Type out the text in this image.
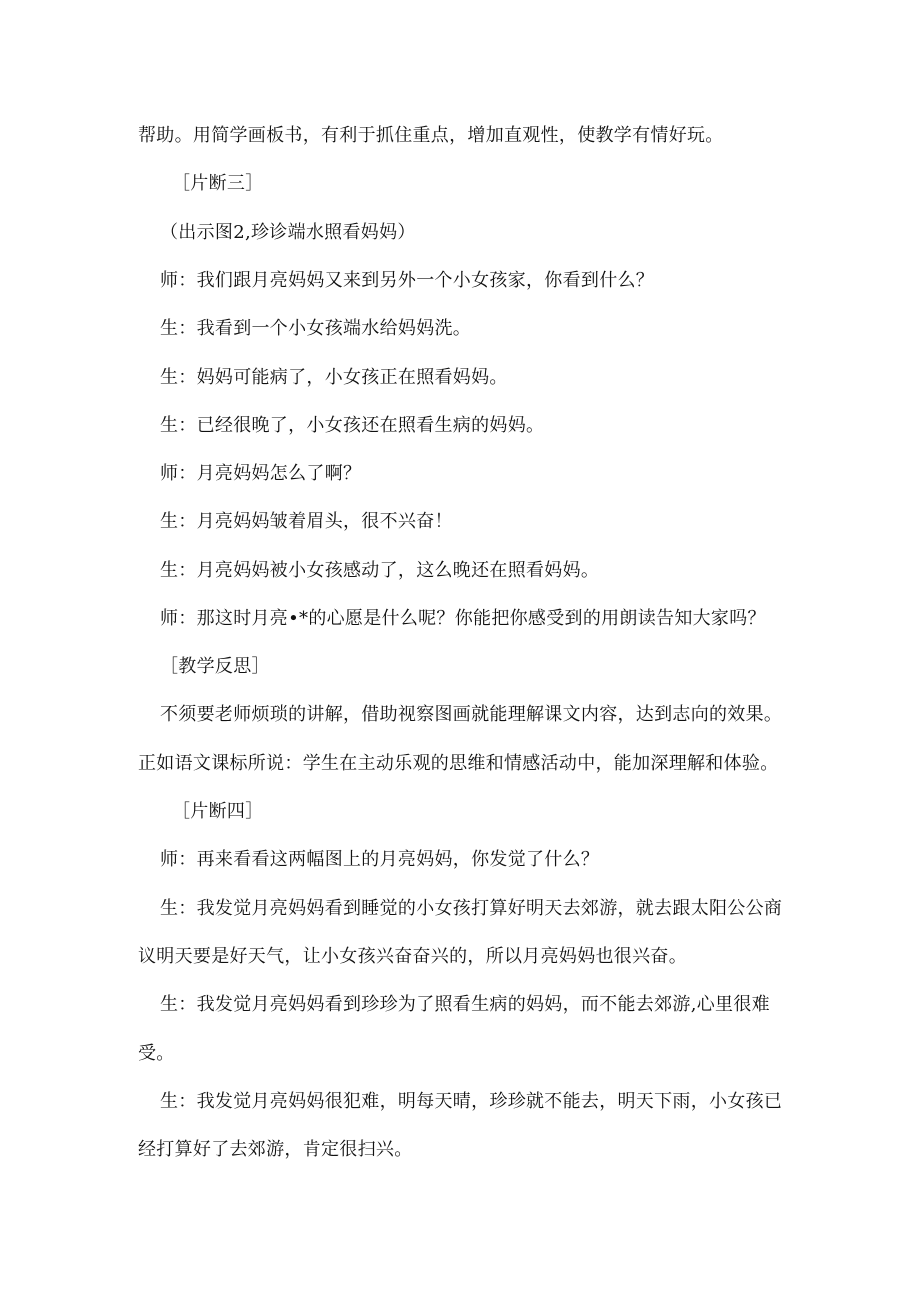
帮助。用简学画板书，有利于抓住重点，增加直观性，使教学有情好玩。
［片断三］
（出示图2,珍诊端水照看妈妈）
师：我们跟月亮妈妈又来到另外一个小女孩家，你看到什么？
生：我看到一个小女孩端水给妈妈洗。
生：妈妈可能病了，小女孩正在照看妈妈。
生：已经很晚了，小女孩还在照看生病的妈妈。
师：月亮妈妈怎么了啊？
生：月亮妈妈皱着眉头，很不兴奋！
生：月亮妈妈被小女孩感动了，这么晚还在照看妈妈。
师：那这时月亮•*的心愿是什么呢？你能把你感受到的用朗读告知大家吗？
［教学反思］
不须要老师烦琐的讲解，借助视察图画就能理解课文内容，达到志向的效果。
正如语文课标所说：学生在主动乐观的思维和情感活动中，能加深理解和体验。
［片断四］
师：再来看看这两幅图上的月亮妈妈，你发觉了什么？
生：我发觉月亮妈妈看到睡觉的小女孩打算好明天去郊游，就去跟太阳公公商
议明天要是好天气，让小女孩兴奋奋兴的，所以月亮妈妈也很兴奋。
生：我发觉月亮妈妈看到珍珍为了照看生病的妈妈，而不能去郊游,心里很难
受。
生：我发觉月亮妈妈很犯难，明每天晴，珍珍就不能去，明天下雨，小女孩已
经打算好了去郊游，肯定很扫兴。
